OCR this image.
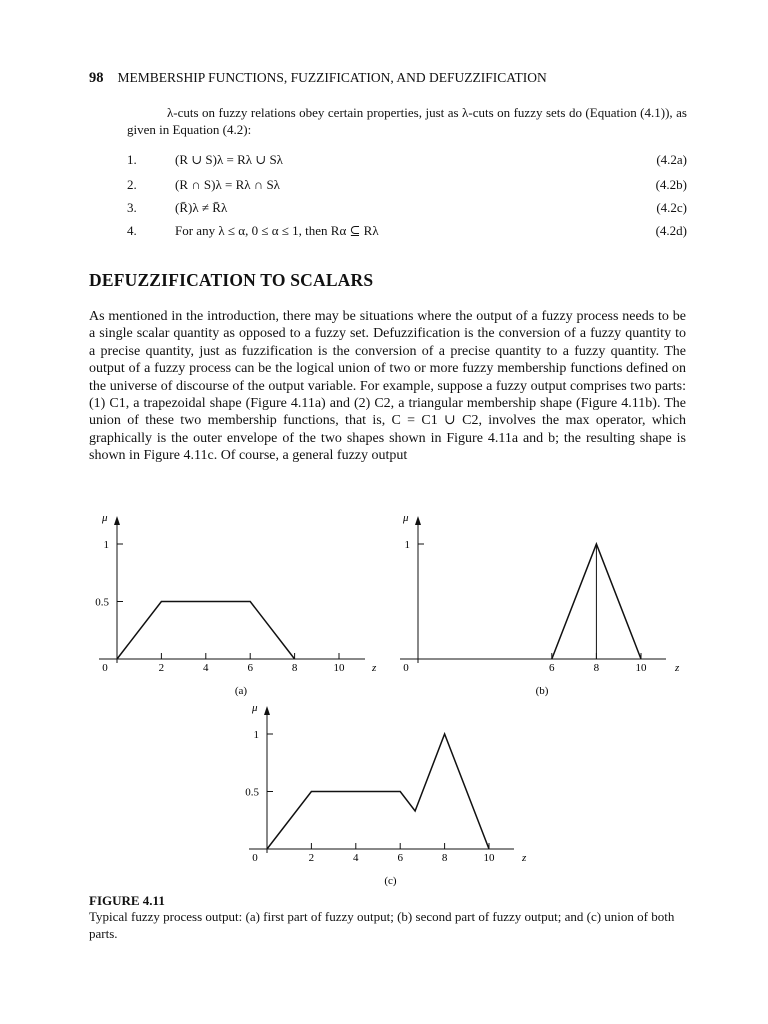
98 MEMBERSHIP FUNCTIONS, FUZZIFICATION, AND DEFUZZIFICATION

λ-cuts on fuzzy relations obey certain properties, just as λ-cuts on fuzzy sets do (Equation (4.1)), as given in Equation (4.2):

1.	(R ∪ S)λ = Rλ ∪ Sλ	(4.2a)
2.	(R ∩ S)λ = Rλ ∩ Sλ	(4.2b)
3.	(R̄)λ ≠ R̄λ	(4.2c)
4.	For any λ ≤ α, 0 ≤ α ≤ 1, then Rα ⊆ Rλ	(4.2d)
DEFUZZIFICATION TO SCALARS

As mentioned in the introduction, there may be situations where the output of a fuzzy process needs to be a single scalar quantity as opposed to a fuzzy set. Defuzzification is the conversion of a fuzzy quantity to a precise quantity, just as fuzzification is the conversion of a precise quantity to a fuzzy quantity. The output of a fuzzy process can be the logical union of two or more fuzzy membership functions defined on the universe of discourse of the output variable. For example, suppose a fuzzy output comprises two parts: (1) C1, a trapezoidal shape (Figure 4.11a) and (2) C2, a triangular membership shape (Figure 4.11b). The union of these two membership functions, that is, C = C1 ∪ C2, involves the max operator, which graphically is the outer envelope of the two shapes shown in Figure 4.11a and b; the resulting shape is shown in Figure 4.11c. Of course, a general fuzzy output

μ
z
0.5
1
0	2	4	6	8	10
(a)
μ
z
1
0	6	8	10
(b)
μ
z
0.5
1
0	2	4	6	8	10
(c)
FIGURE 4.11
Typical fuzzy process output: (a) first part of fuzzy output; (b) second part of fuzzy output; and (c) union of both parts.
